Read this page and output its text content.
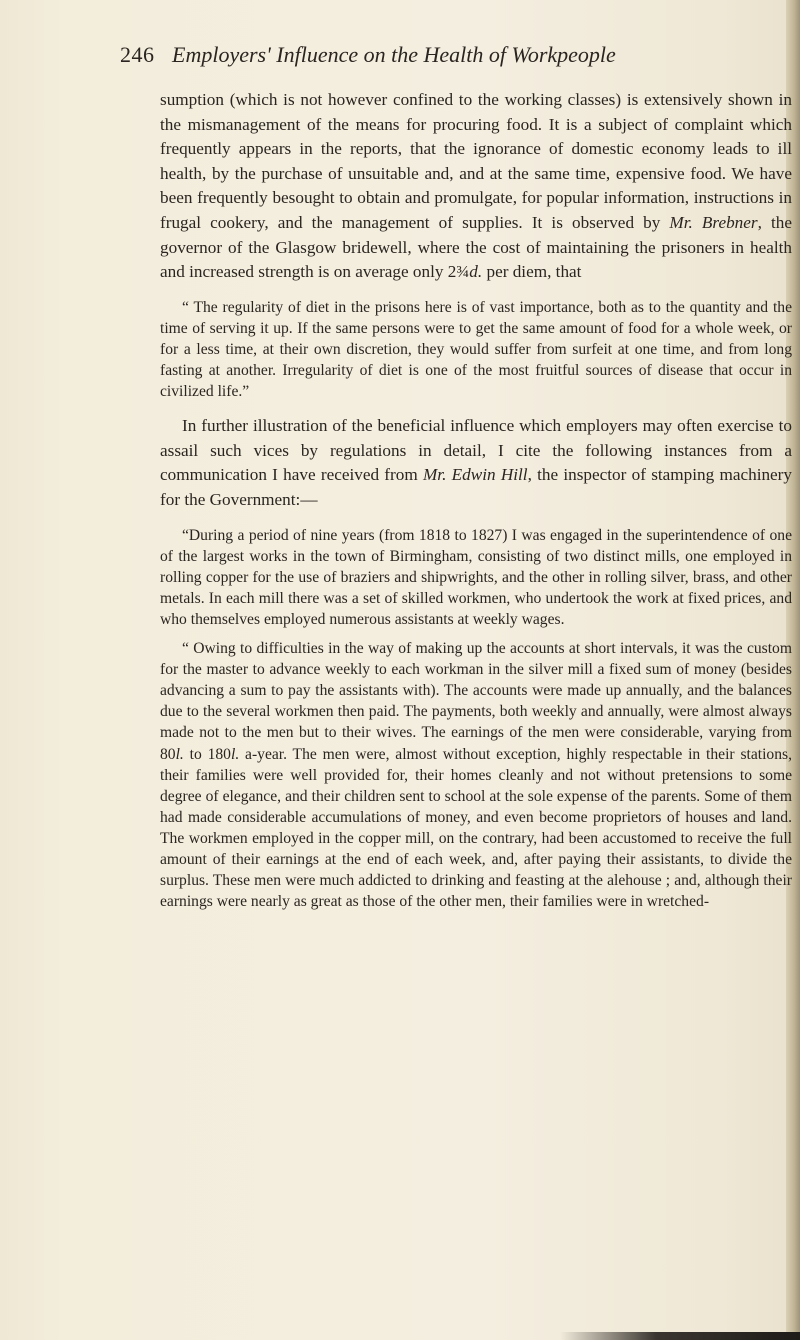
246 Employers' Influence on the Health of Workpeople

sumption (which is not however confined to the working classes) is extensively shown in the mismanagement of the means for procuring food. It is a subject of complaint which frequently appears in the reports, that the ignorance of domestic economy leads to ill health, by the purchase of unsuitable and, and at the same time, expensive food. We have been frequently besought to obtain and promulgate, for popular information, instructions in frugal cookery, and the management of supplies. It is observed by Mr. Brebner, the governor of the Glasgow bridewell, where the cost of maintaining the prisoners in health and increased strength is on average only 2¾d. per diem, that

“ The regularity of diet in the prisons here is of vast importance, both as to the quantity and the time of serving it up. If the same persons were to get the same amount of food for a whole week, or for a less time, at their own discretion, they would suffer from surfeit at one time, and from long fasting at another. Irregularity of diet is one of the most fruitful sources of disease that occur in civilized life.”

In further illustration of the beneficial influence which employers may often exercise to assail such vices by regulations in detail, I cite the following instances from a communication I have received from Mr. Edwin Hill, the inspector of stamping machinery for the Government:—

“During a period of nine years (from 1818 to 1827) I was engaged in the superintendence of one of the largest works in the town of Birmingham, consisting of two distinct mills, one employed in rolling copper for the use of braziers and shipwrights, and the other in rolling silver, brass, and other metals. In each mill there was a set of skilled workmen, who undertook the work at fixed prices, and who themselves employed numerous assistants at weekly wages.

“ Owing to difficulties in the way of making up the accounts at short intervals, it was the custom for the master to advance weekly to each workman in the silver mill a fixed sum of money (besides advancing a sum to pay the assistants with). The accounts were made up annually, and the balances due to the several workmen then paid. The payments, both weekly and annually, were almost always made not to the men but to their wives. The earnings of the men were considerable, varying from 80l. to 180l. a-year. The men were, almost without exception, highly respectable in their stations, their families were well provided for, their homes cleanly and not without pretensions to some degree of elegance, and their children sent to school at the sole expense of the parents. Some of them had made considerable accumulations of money, and even become proprietors of houses and land. The workmen employed in the copper mill, on the contrary, had been accustomed to receive the full amount of their earnings at the end of each week, and, after paying their assistants, to divide the surplus. These men were much addicted to drinking and feasting at the alehouse ; and, although their earnings were nearly as great as those of the other men, their families were in wretched-
